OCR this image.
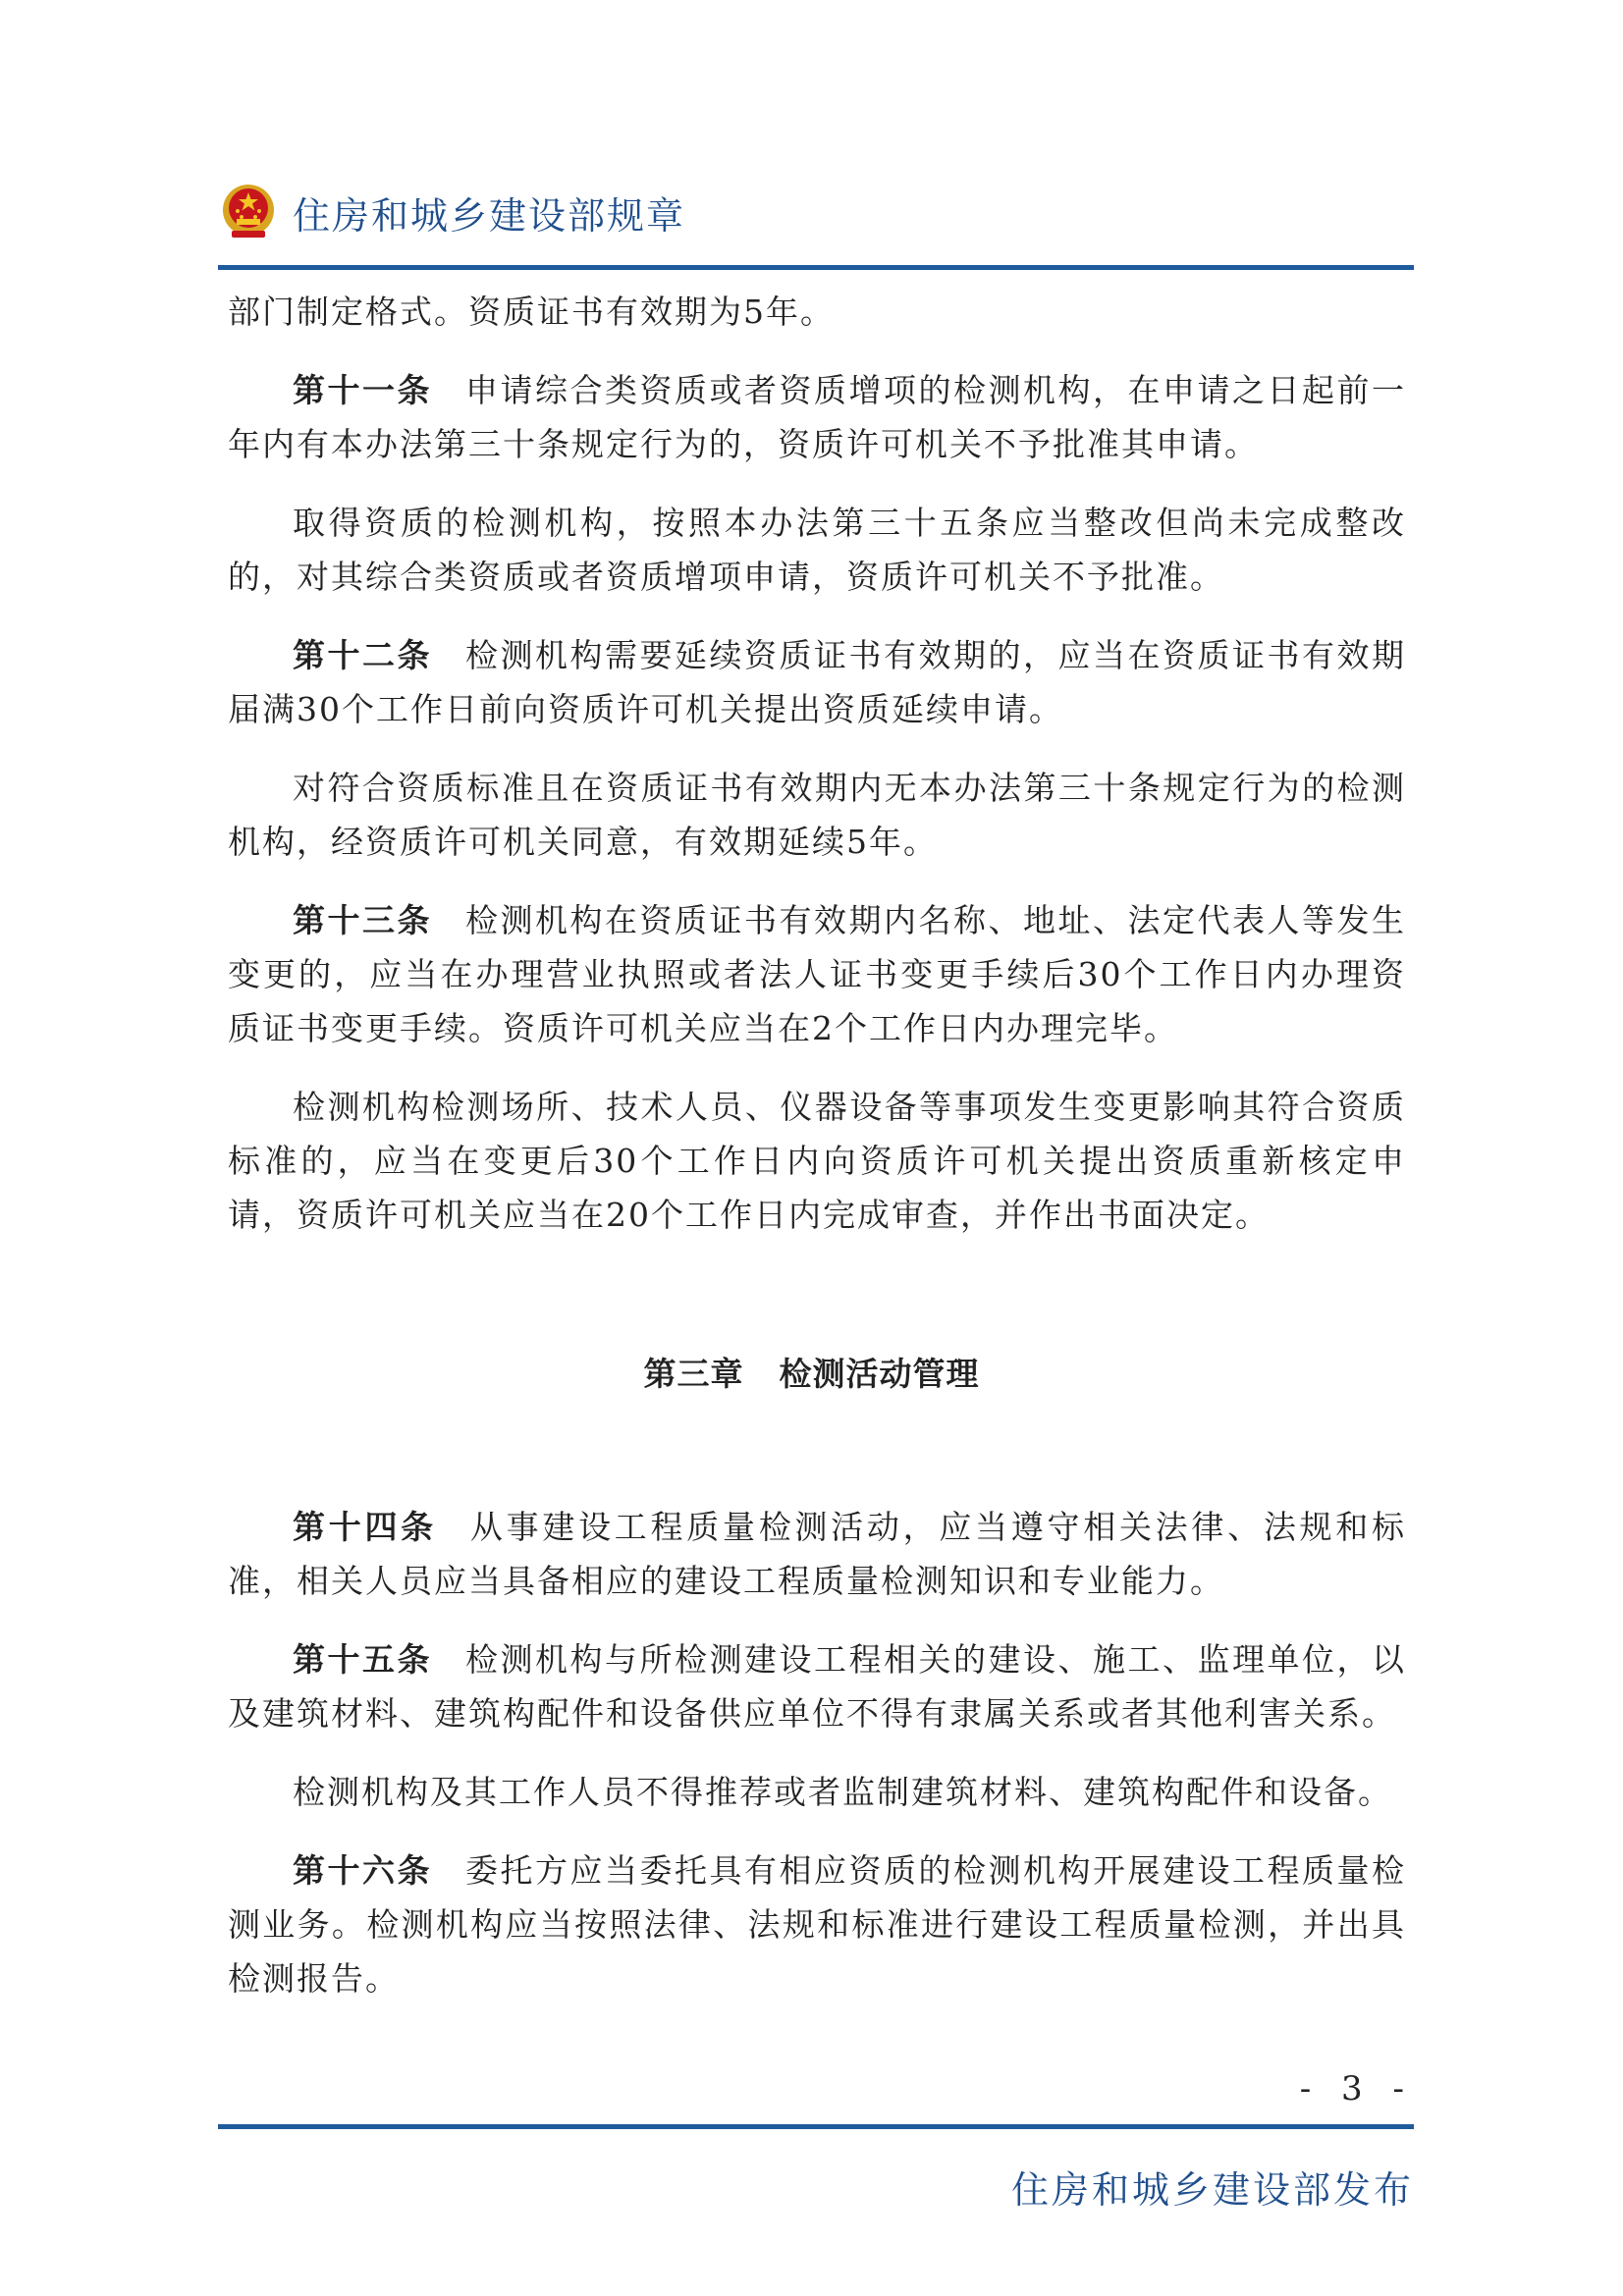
住房和城乡建设部规章

部门制定格式。资质证书有效期为5年。

第十一条 申请综合类资质或者资质增项的检测机构，在申请之日起前一年内有本办法第三十条规定行为的，资质许可机关不予批准其申请。

取得资质的检测机构，按照本办法第三十五条应当整改但尚未完成整改的，对其综合类资质或者资质增项申请，资质许可机关不予批准。

第十二条 检测机构需要延续资质证书有效期的，应当在资质证书有效期届满30个工作日前向资质许可机关提出资质延续申请。

对符合资质标准且在资质证书有效期内无本办法第三十条规定行为的检测机构，经资质许可机关同意，有效期延续5年。

第十三条 检测机构在资质证书有效期内名称、地址、法定代表人等发生变更的，应当在办理营业执照或者法人证书变更手续后30个工作日内办理资质证书变更手续。资质许可机关应当在2个工作日内办理完毕。

检测机构检测场所、技术人员、仪器设备等事项发生变更影响其符合资质标准的，应当在变更后30个工作日内向资质许可机关提出资质重新核定申请，资质许可机关应当在20个工作日内完成审查，并作出书面决定。

第三章 检测活动管理

第十四条 从事建设工程质量检测活动，应当遵守相关法律、法规和标准，相关人员应当具备相应的建设工程质量检测知识和专业能力。

第十五条 检测机构与所检测建设工程相关的建设、施工、监理单位，以及建筑材料、建筑构配件和设备供应单位不得有隶属关系或者其他利害关系。

检测机构及其工作人员不得推荐或者监制建筑材料、建筑构配件和设备。

第十六条 委托方应当委托具有相应资质的检测机构开展建设工程质量检测业务。检测机构应当按照法律、法规和标准进行建设工程质量检测，并出具检测报告。

- 3 -
住房和城乡建设部发布
